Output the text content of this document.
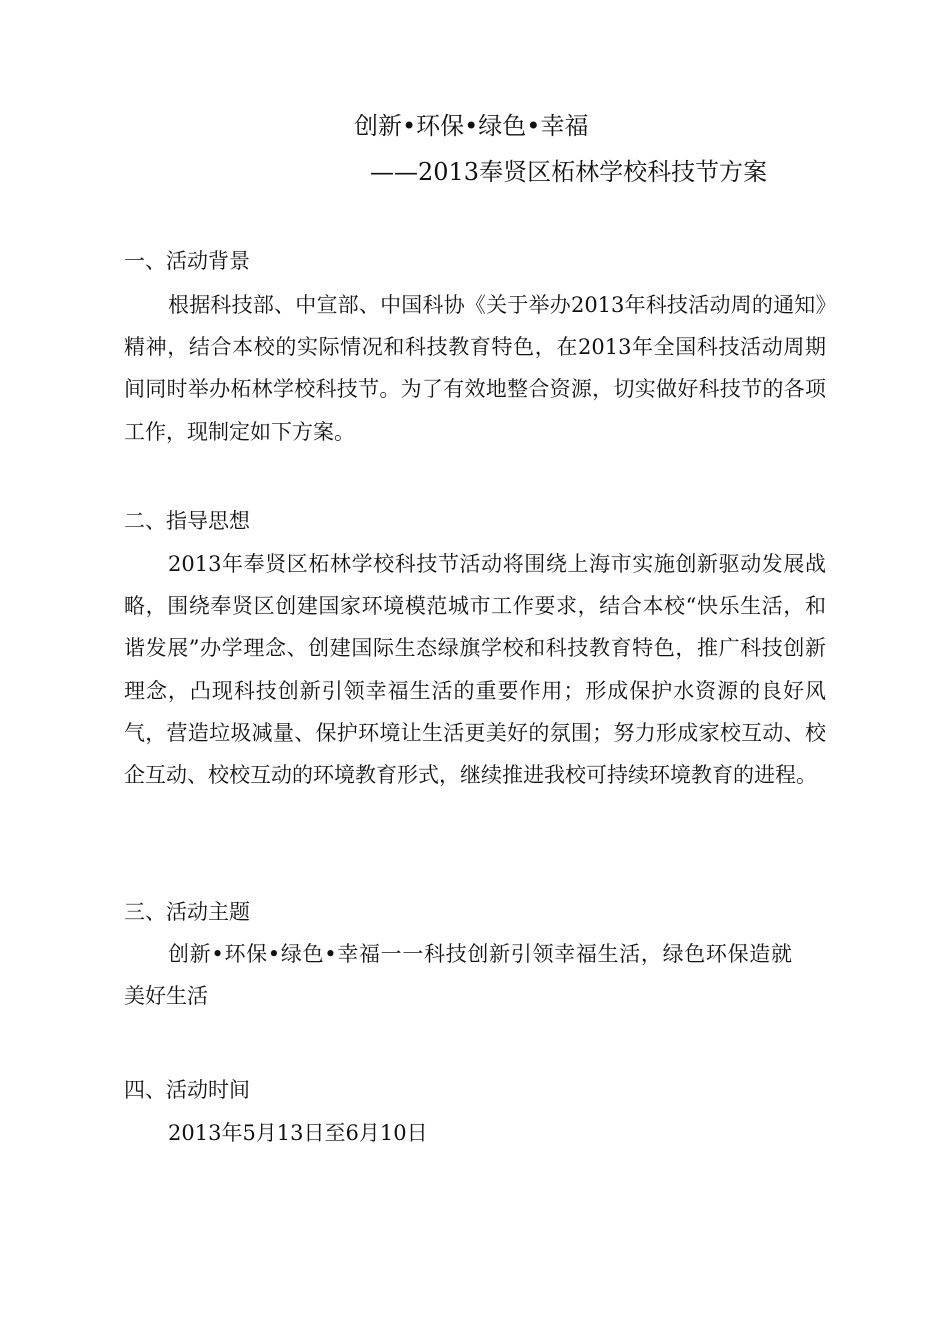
创新•环保•绿色•幸福
——2013奉贤区柘林学校科技节方案
一、活动背景
根据科技部、中宣部、中国科协《关于举办2013年科技活动周的通知》精神，结合本校的实际情况和科技教育特色，在2013年全国科技活动周期间同时举办柘林学校科技节。为了有效地整合资源，切实做好科技节的各项工作，现制定如下方案。
二、指导思想
2013年奉贤区柘林学校科技节活动将围绕上海市实施创新驱动发展战略，围绕奉贤区创建国家环境模范城市工作要求，结合本校“快乐生活，和谐发展”办学理念、创建国际生态绿旗学校和科技教育特色，推广科技创新理念，凸现科技创新引领幸福生活的重要作用；形成保护水资源的良好风气，营造垃圾减量、保护环境让生活更美好的氛围；努力形成家校互动、校企互动、校校互动的环境教育形式，继续推进我校可持续环境教育的进程。
三、活动主题
创新•环保•绿色•幸福一一科技创新引领幸福生活，绿色环保造就美好生活
四、活动时间
2013年5月13日至6月10日
